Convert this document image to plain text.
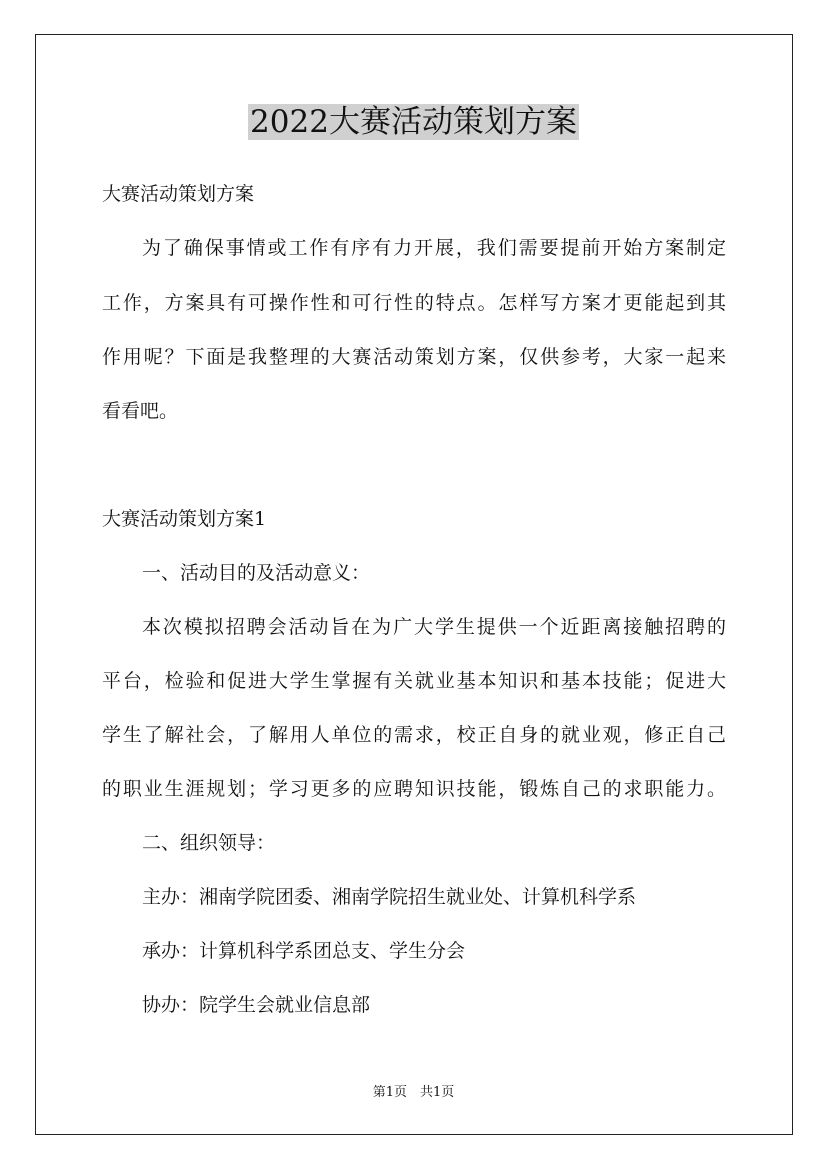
2022大赛活动策划方案
大赛活动策划方案
为了确保事情或工作有序有力开展，我们需要提前开始方案制定
工作，方案具有可操作性和可行性的特点。怎样写方案才更能起到其
作用呢？下面是我整理的大赛活动策划方案，仅供参考，大家一起来
看看吧。
大赛活动策划方案1
一、活动目的及活动意义：
本次模拟招聘会活动旨在为广大学生提供一个近距离接触招聘的
平台，检验和促进大学生掌握有关就业基本知识和基本技能；促进大
学生了解社会，了解用人单位的需求，校正自身的就业观，修正自己
的职业生涯规划；学习更多的应聘知识技能，锻炼自己的求职能力。
二、组织领导：
主办：湘南学院团委、湘南学院招生就业处、计算机科学系
承办：计算机科学系团总支、学生分会
协办：院学生会就业信息部
第1页　共1页
